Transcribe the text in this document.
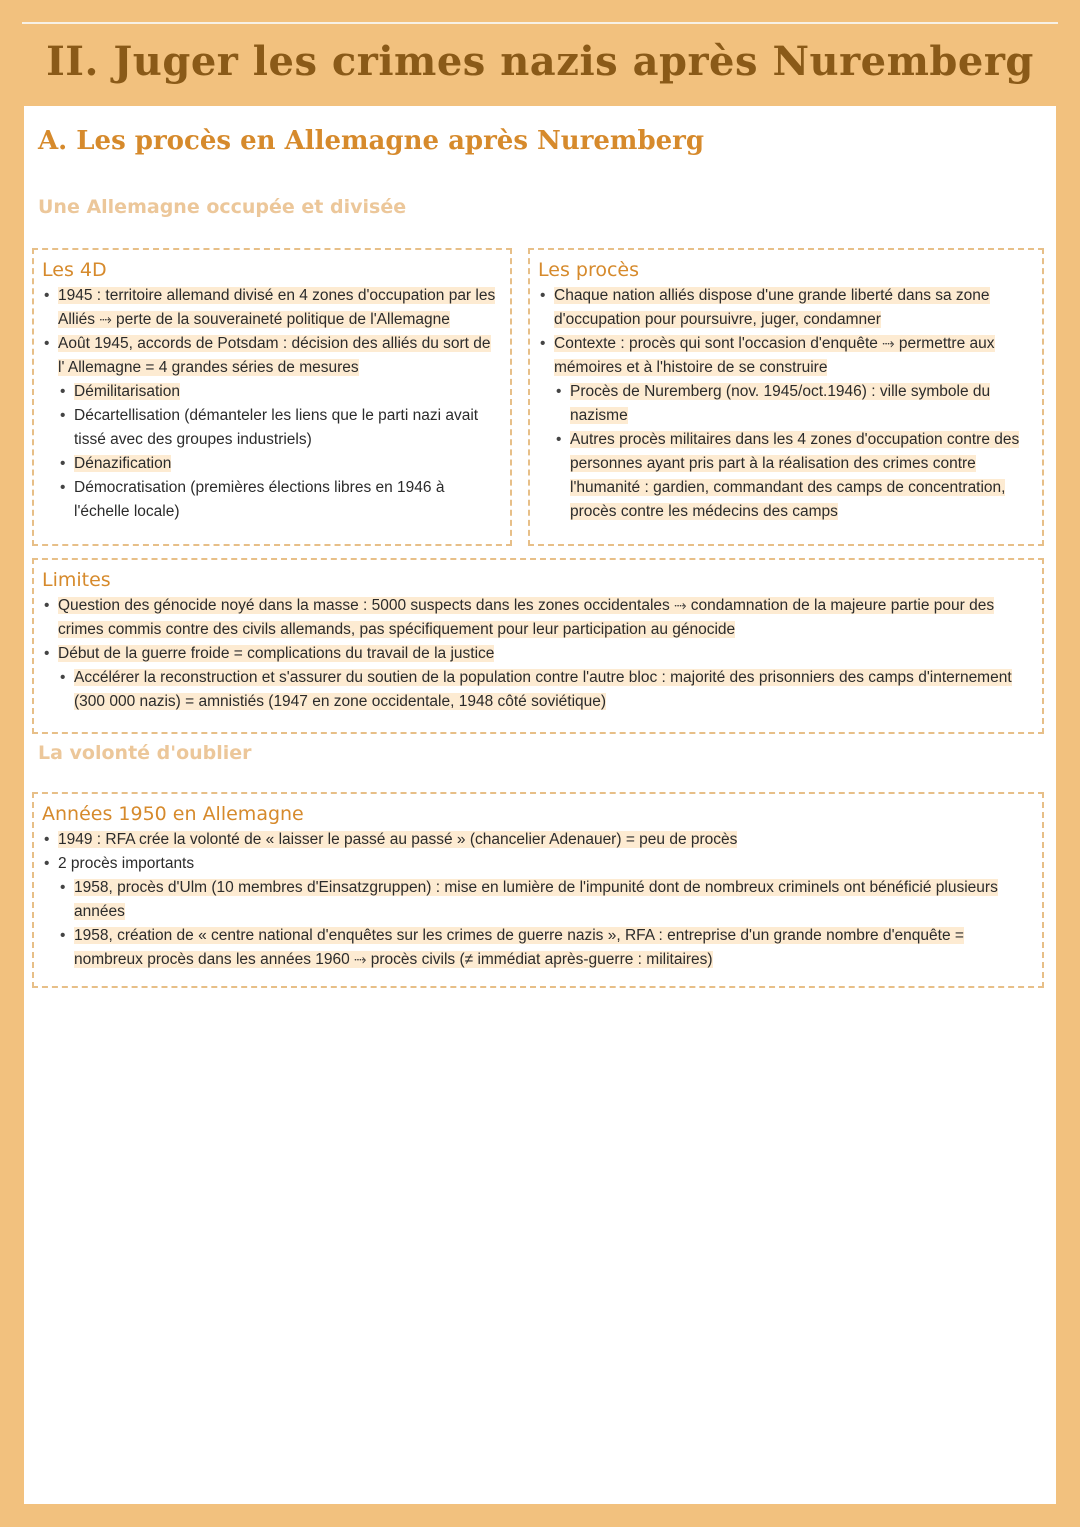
II. Juger les crimes nazis après Nuremberg
A. Les procès en Allemagne après Nuremberg
Une Allemagne occupée et divisée
Les 4D
• 1945 : territoire allemand divisé en 4 zones d'occupation par les Alliés ⤑ perte de la souveraineté politique de l'Allemagne
• Août 1945, accords de Potsdam : décision des alliés du sort de l' Allemagne = 4 grandes séries de mesures
• Démilitarisation
• Décartellisation (démanteler les liens que le parti nazi avait tissé avec des groupes industriels)
• Dénazification
• Démocratisation (premières élections libres en 1946 à l'échelle locale)
Les procès
• Chaque nation alliés dispose d'une grande liberté dans sa zone d'occupation pour poursuivre, juger, condamner
• Contexte : procès qui sont l'occasion d'enquête ⤑ permettre aux mémoires et à l'histoire de se construire
• Procès de Nuremberg (nov. 1945/oct.1946) : ville symbole du nazisme
• Autres procès militaires dans les 4 zones d'occupation contre des personnes ayant pris part à la réalisation des crimes contre l'humanité : gardien, commandant des camps de concentration, procès contre les médecins des camps
Limites
• Question des génocide noyé dans la masse : 5000 suspects dans les zones occidentales ⤑ condamnation de la majeure partie pour des crimes commis contre des civils allemands, pas spécifiquement pour leur participation au génocide
• Début de la guerre froide = complications du travail de la justice
• Accélérer la reconstruction et s'assurer du soutien de la population contre l'autre bloc : majorité des prisonniers des camps d'internement (300 000 nazis) = amnistiés (1947 en zone occidentale, 1948 côté soviétique)
La volonté d'oublier
Années 1950 en Allemagne
• 1949 : RFA crée la volonté de « laisser le passé au passé » (chancelier Adenauer) = peu de procès
• 2 procès importants
• 1958, procès d'Ulm (10 membres d'Einsatzgruppen) : mise en lumière de l'impunité dont de nombreux criminels ont bénéficié plusieurs années
• 1958, création de « centre national d'enquêtes sur les crimes de guerre nazis », RFA : entreprise d'un grande nombre d'enquête = nombreux procès dans les années 1960 ⤑ procès civils (≠ immédiat après-guerre : militaires)
